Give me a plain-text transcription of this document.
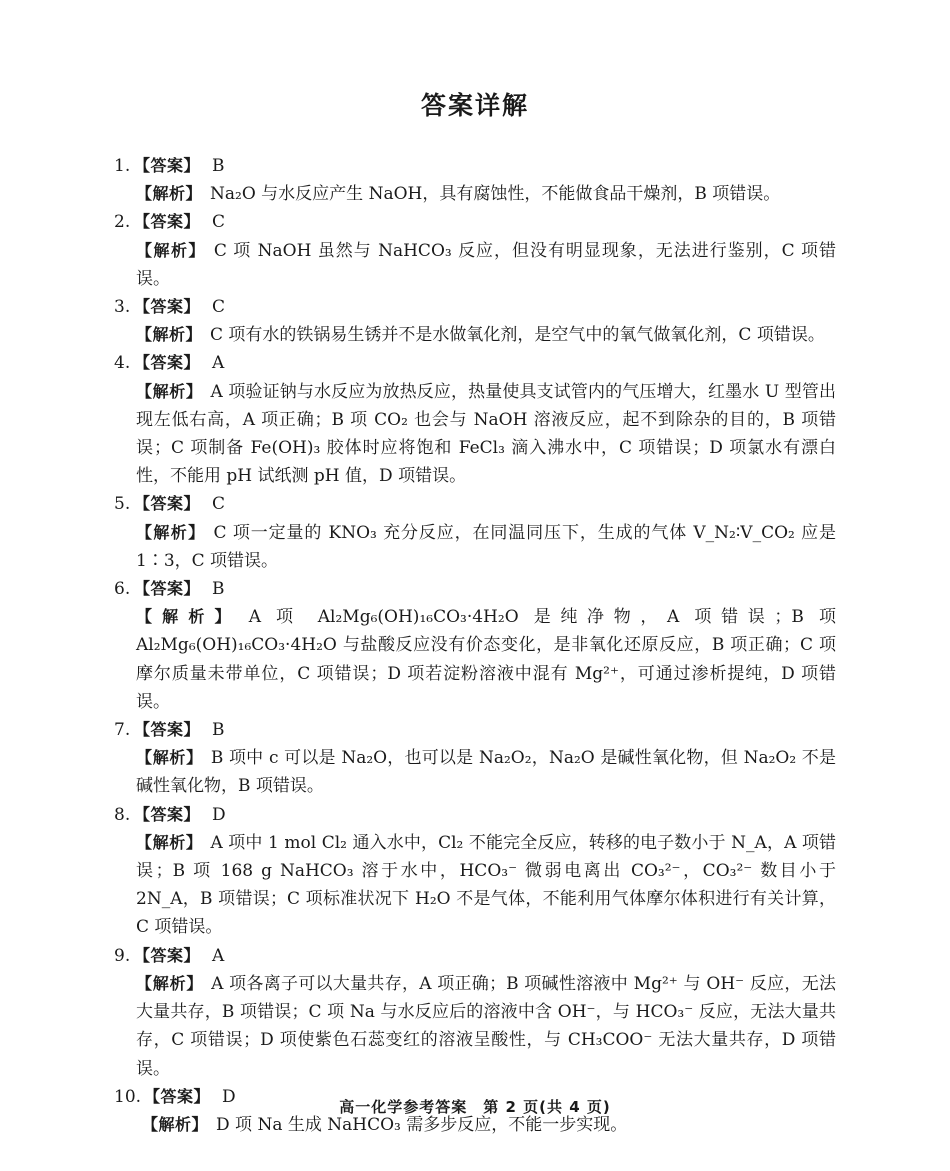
答案详解
1. 【答案】 B
【解析】 Na₂O 与水反应产生 NaOH，具有腐蚀性，不能做食品干燥剂，B 项错误。
2. 【答案】 C
【解析】 C 项 NaOH 虽然与 NaHCO₃ 反应，但没有明显现象，无法进行鉴别，C 项错误。
3. 【答案】 C
【解析】 C 项有水的铁锅易生锈并不是水做氧化剂，是空气中的氧气做氧化剂，C 项错误。
4. 【答案】 A
【解析】 A 项验证钠与水反应为放热反应，热量使具支试管内的气压增大，红墨水 U 型管出现左低右高，A 项正确；B 项 CO₂ 也会与 NaOH 溶液反应，起不到除杂的目的，B 项错误；C 项制备 Fe(OH)₃ 胶体时应将饱和 FeCl₃ 滴入沸水中，C 项错误；D 项氯水有漂白性，不能用 pH 试纸测 pH 值，D 项错误。
5. 【答案】 C
【解析】 C 项一定量的 KNO₃ 充分反应，在同温同压下，生成的气体 V_N₂∶V_CO₂ 应是 1∶3，C 项错误。
6. 【答案】 B
【解析】 A 项 Al₂Mg₆(OH)₁₆CO₃·4H₂O 是纯净物，A 项错误；B 项 Al₂Mg₆(OH)₁₆CO₃·4H₂O 与盐酸反应没有价态变化，是非氧化还原反应，B 项正确；C 项摩尔质量未带单位，C 项错误；D 项若淀粉溶液中混有 Mg²⁺，可通过渗析提纯，D 项错误。
7. 【答案】 B
【解析】 B 项中 c 可以是 Na₂O，也可以是 Na₂O₂，Na₂O 是碱性氧化物，但 Na₂O₂ 不是碱性氧化物，B 项错误。
8. 【答案】 D
【解析】 A 项中 1 mol Cl₂ 通入水中，Cl₂ 不能完全反应，转移的电子数小于 N_A，A 项错误；B 项 168 g NaHCO₃ 溶于水中，HCO₃⁻ 微弱电离出 CO₃²⁻，CO₃²⁻ 数目小于 2N_A，B 项错误；C 项标准状况下 H₂O 不是气体，不能利用气体摩尔体积进行有关计算，C 项错误。
9. 【答案】 A
【解析】 A 项各离子可以大量共存，A 项正确；B 项碱性溶液中 Mg²⁺ 与 OH⁻ 反应，无法大量共存，B 项错误；C 项 Na 与水反应后的溶液中含 OH⁻，与 HCO₃⁻ 反应，无法大量共存，C 项错误；D 项使紫色石蕊变红的溶液呈酸性，与 CH₃COO⁻ 无法大量共存，D 项错误。
10. 【答案】 D
【解析】 D 项 Na 生成 NaHCO₃ 需多步反应，不能一步实现。
高一化学参考答案　第 2 页(共 4 页)
